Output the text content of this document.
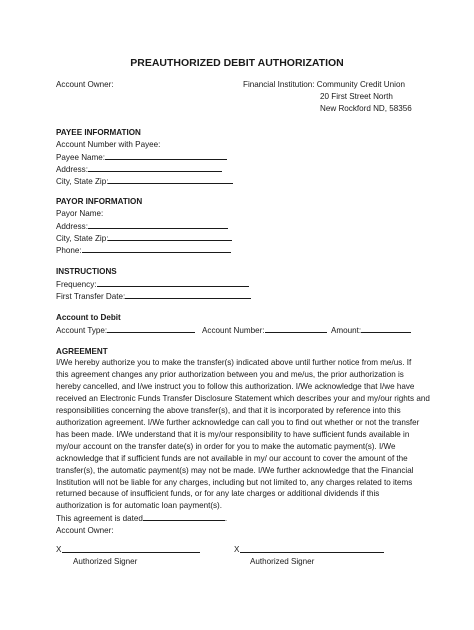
PREAUTHORIZED DEBIT AUTHORIZATION
Account Owner:	Financial Institution: Community Credit Union
20 First Street North
New Rockford ND, 58356
PAYEE INFORMATION
Account Number with Payee:
Payee Name:
Address:
City, State Zip:
PAYOR INFORMATION
Payor Name:
Address:
City, State Zip:
Phone:
INSTRUCTIONS
Frequency:
First Transfer Date:
Account to Debit
Account Type:	Account Number:	Amount:
AGREEMENT
I/We hereby authorize you to make the transfer(s) indicated above until further notice from me/us. If
this agreement changes any prior authorization between you and me/us, the prior authorization is
hereby cancelled, and I/we instruct you to follow this authorization. I/We acknowledge that I/we have
received an Electronic Funds Transfer Disclosure Statement which describes your and my/our rights and
responsibilities concerning the above transfer(s), and that it is incorporated by reference into this
authorization agreement. I/We further acknowledge can call you to find out whether or not the transfer
has been made. I/We understand that it is my/our responsibility to have sufficient funds available in
my/our account on the transfer date(s) in order for you to make the automatic payment(s). I/We
acknowledge that if sufficient funds are not available in my/ our account to cover the amount of the
transfer(s), the automatic payment(s) may not be made. I/We further acknowledge that the Financial
Institution will not be liable for any charges, including but not limited to, any charges related to items
returned because of insufficient funds, or for any late charges or additional dividends if this
authorization is for automatic loan payment(s).
This agreement is dated	.
Account Owner:
X
Authorized Signer
X
Authorized Signer
